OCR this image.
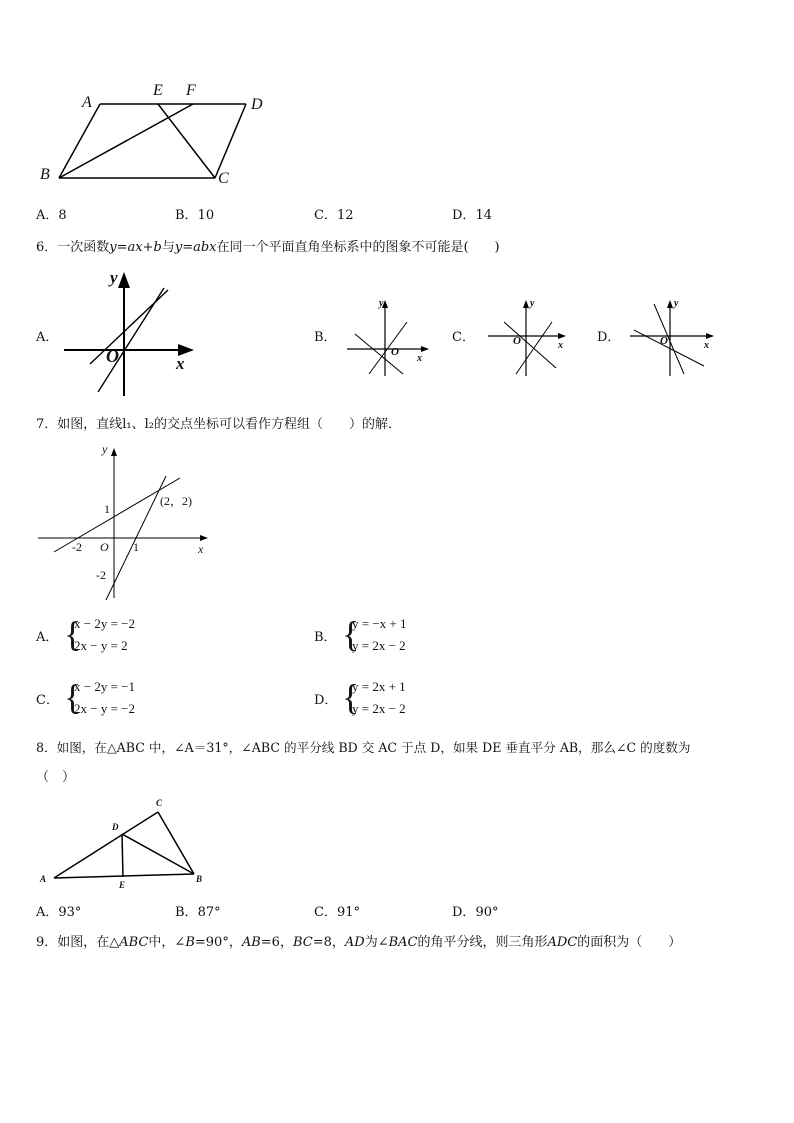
A
E F
D
B	C
A．8	B．10	C．12	D．14
6．一次函数y=ax+b与y=abx在同一个平面直角坐标系中的图象不可能是(　　)
A．
y
x
O
B．
y
x
O
C．
y
x
O	D．
y
x
O
7．如图，直线l₁、l₂的交点坐标可以看作方程组（　　）的解．
y
x
O
1
1
-2
-2
(2，2)
A． {
x − 2y = −2
2x − y = 2
B． {
y = −x + 1
y = 2x − 2
C． {
x − 2y = −1
2x − y = −2
D． {
y = 2x + 1
y = 2x − 2
8．如图，在△ABC 中，∠A＝31°，∠ABC 的平分线 BD 交 AC 于点 D，如果 DE 垂直平分 AB，那么∠C 的度数为
（　）
A	B
C
D
E
A．93°	B．87°	C．91°	D．90°
9．如图，在△ABC中，∠B=90°，AB=6，BC=8，AD为∠BAC的角平分线，则三角形ADC的面积为（　　）
